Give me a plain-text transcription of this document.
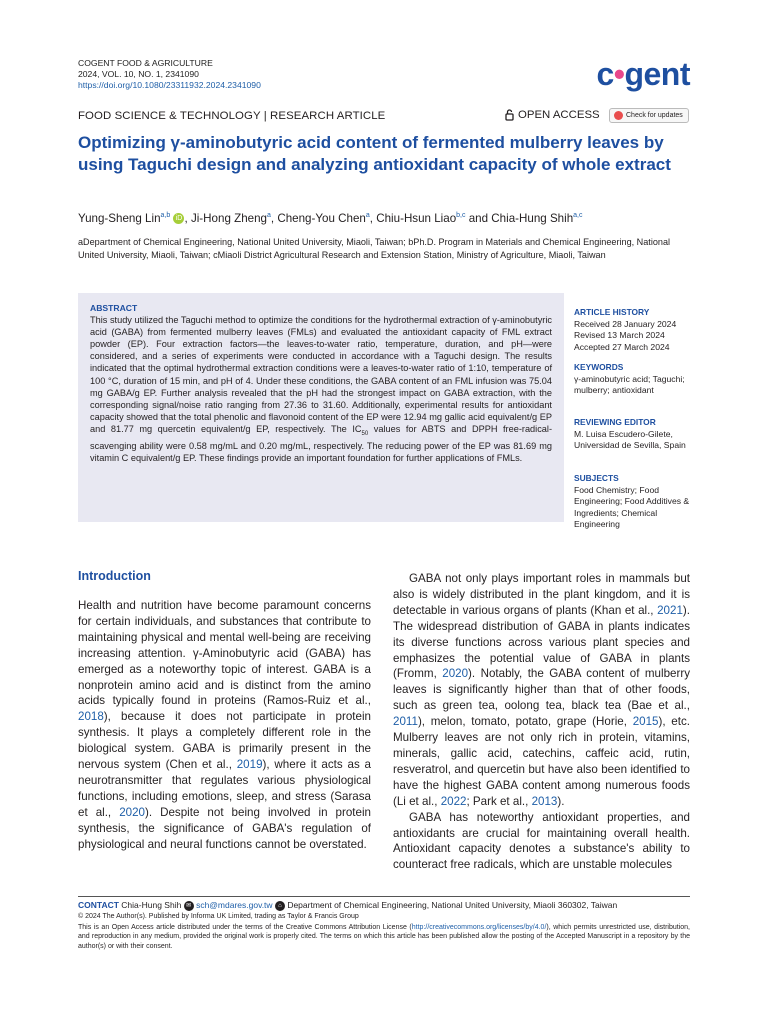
COGENT FOOD & AGRICULTURE
2024, VOL. 10, NO. 1, 2341090
https://doi.org/10.1080/23311932.2024.2341090	c•gent
FOOD SCIENCE & TECHNOLOGY | RESEARCH ARTICLE	OPEN ACCESS	Check for updates
Optimizing γ-aminobutyric acid content of fermented mulberry leaves by using Taguchi design and analyzing antioxidant capacity of whole extract
Yung-Sheng Lin$^{a,b}$ iD , Ji-Hong Zheng$^a$, Cheng-You Chen$^a$, Chiu-Hsun Liao$^{b,c}$ and Chia-Hung Shih$^{a,c}$
aDepartment of Chemical Engineering, National United University, Miaoli, Taiwan; bPh.D. Program in Materials and Chemical Engineering, National United University, Miaoli, Taiwan; cMiaoli District Agricultural Research and Extension Station, Ministry of Agriculture, Miaoli, Taiwan
ABSTRACT
This study utilized the Taguchi method to optimize the conditions for the hydrothermal extraction of γ-aminobutyric acid (GABA) from fermented mulberry leaves (FMLs) and evaluated the antioxidant capacity of FML extract powder (EP). Four extraction factors—the leaves-to-water ratio, temperature, duration, and pH—were considered, and a series of experiments were conducted in accordance with a Taguchi design. The results indicated that the optimal hydrothermal extraction conditions were a leaves-to-water ratio of 1:10, temperature of 100 °C, duration of 15 min, and pH of 4. Under these conditions, the GABA content of an FML infusion was 75.04 mg GABA/g EP. Further analysis revealed that the pH had the strongest impact on GABA extraction, with the corresponding signal/noise ratio ranging from 27.36 to 31.60. Additionally, experimental results for antioxidant capacity showed that the total phenolic and flavonoid content of the EP were 12.94 mg gallic acid equivalent/g EP and 81.77 mg quercetin equivalent/g EP, respectively. The $IC_{50}$ values for ABTS and DPPH free-radical-scavenging ability were 0.58 mg/mL and 0.20 mg/mL, respectively. The reducing power of the EP was 81.69 mg vitamin C equivalent/g EP. These findings provide an important foundation for further applications of FMLs.
ARTICLE HISTORY
Received 28 January 2024
Revised 13 March 2024
Accepted 27 March 2024
KEYWORDS
γ-aminobutyric acid; Taguchi; mulberry; antioxidant
REVIEWING EDITOR
M. Luisa Escudero-Gilete, Universidad de Sevilla, Spain
SUBJECTS
Food Chemistry; Food Engineering; Food Additives & Ingredients; Chemical Engineering
Introduction

Health and nutrition have become paramount concerns for certain individuals, and substances that contribute to maintaining physical and mental well-being are receiving increasing attention. γ-Aminobutyric acid (GABA) has emerged as a noteworthy topic of interest. GABA is a nonprotein amino acid and is distinct from the amino acids typically found in proteins (Ramos-Ruiz et al., 2018), because it does not participate in protein synthesis. It plays a completely different role in the biological system. GABA is primarily present in the nervous system (Chen et al., 2019), where it acts as a neurotransmitter that regulates various physiological functions, including emotions, sleep, and stress (Sarasa et al., 2020). Despite not being involved in protein synthesis, the significance of GABA's regulation of physiological and neural functions cannot be overstated.

GABA not only plays important roles in mammals but also is widely distributed in the plant kingdom, and it is detectable in various organs of plants (Khan et al., 2021). The widespread distribution of GABA in plants indicates its diverse functions across various plant species and emphasizes the potential value of GABA in plants (Fromm, 2020). Notably, the GABA content of mulberry leaves is significantly higher than that of other foods, such as green tea, oolong tea, black tea (Bae et al., 2011), melon, tomato, potato, grape (Horie, 2015), etc. Mulberry leaves are not only rich in protein, vitamins, minerals, gallic acid, catechins, caffeic acid, rutin, resveratrol, and quercetin but have also been identified to have the highest GABA content among numerous foods (Li et al., 2022; Park et al., 2013).

GABA has noteworthy antioxidant properties, and antioxidants are crucial for maintaining overall health. Antioxidant capacity denotes a substance's ability to counteract free radicals, which are unstable molecules

CONTACT Chia-Hung Shih ✉ sch@mdares.gov.tw ⌂ Department of Chemical Engineering, National United University, Miaoli 360302, Taiwan
© 2024 The Author(s). Published by Informa UK Limited, trading as Taylor & Francis Group
This is an Open Access article distributed under the terms of the Creative Commons Attribution License (http://creativecommons.org/licenses/by/4.0/), which permits unrestricted use, distribution, and reproduction in any medium, provided the original work is properly cited. The terms on which this article has been published allow the posting of the Accepted Manuscript in a repository by the author(s) or with their consent.
